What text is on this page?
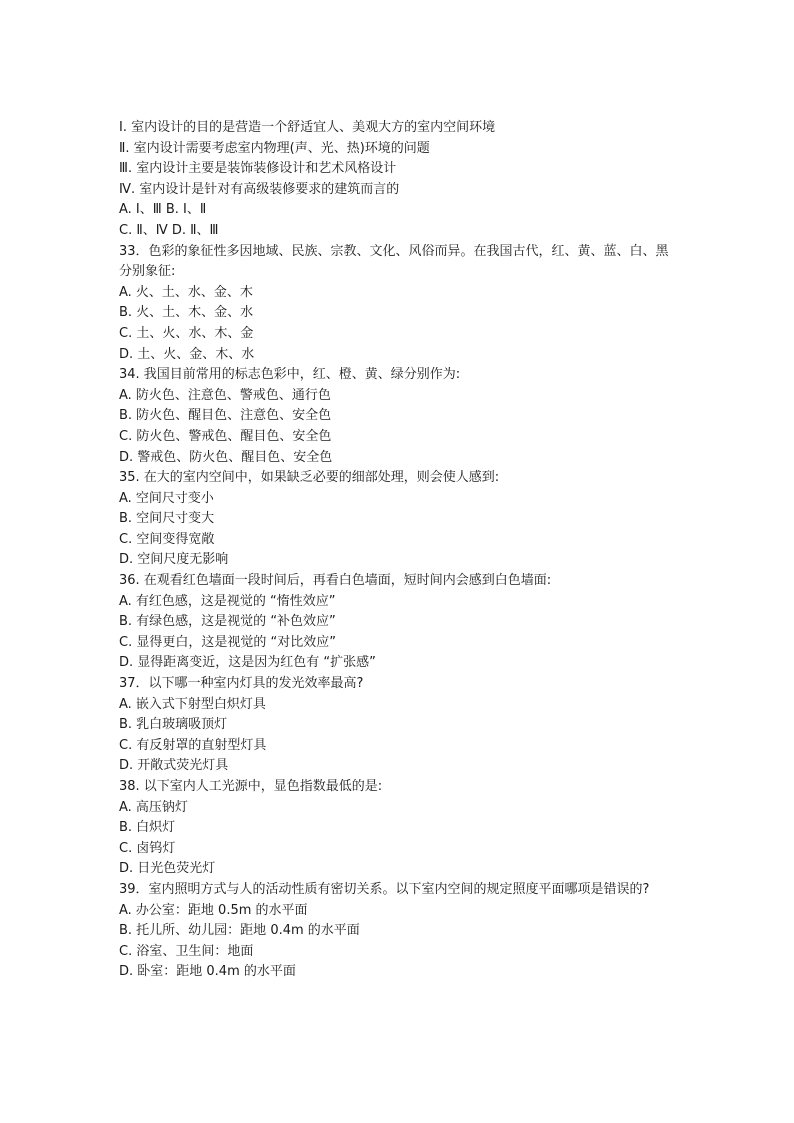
Ⅰ. 室内设计的目的是营造一个舒适宜人、美观大方的室内空间环境
Ⅱ. 室内设计需要考虑室内物理(声、光、热)环境的问题
Ⅲ. 室内设计主要是装饰装修设计和艺术风格设计
Ⅳ. 室内设计是针对有高级装修要求的建筑而言的
A. Ⅰ、Ⅲ B. Ⅰ、Ⅱ
C. Ⅱ、Ⅳ D. Ⅱ、Ⅲ
33．色彩的象征性多因地域、民族、宗教、文化、风俗而异。在我国古代，红、黄、蓝、白、黑分别象征:
A. 火、土、水、金、木
B. 火、土、木、金、水
C. 土、火、水、木、金
D. 土、火、金、木、水
34. 我国目前常用的标志色彩中，红、橙、黄、绿分别作为:
A. 防火色、注意色、警戒色、通行色
B. 防火色、醒目色、注意色、安全色
C. 防火色、警戒色、醒目色、安全色
D. 警戒色、防火色、醒目色、安全色
35. 在大的室内空间中，如果缺乏必要的细部处理，则会使人感到:
A. 空间尺寸变小
B. 空间尺寸变大
C. 空间变得宽敞
D. 空间尺度无影响
36. 在观看红色墙面一段时间后，再看白色墙面，短时间内会感到白色墙面:
A. 有红色感，这是视觉的 “惰性效应”
B. 有绿色感，这是视觉的 “补色效应”
C. 显得更白，这是视觉的 “对比效应”
D. 显得距离变近，这是因为红色有 “扩张感”
37．以下哪一种室内灯具的发光效率最高?
A. 嵌入式下射型白炽灯具
B. 乳白玻璃吸顶灯
C. 有反射罩的直射型灯具
D. 开敞式荧光灯具
38. 以下室内人工光源中，显色指数最低的是:
A. 高压钠灯
B. 白炽灯
C. 卤钨灯
D. 日光色荧光灯
39．室内照明方式与人的活动性质有密切关系。以下室内空间的规定照度平面哪项是错误的?
A. 办公室：距地 0.5m 的水平面
B. 托儿所、幼儿园：距地 0.4m 的水平面
C. 浴室、卫生间：地面
D. 卧室：距地 0.4m 的水平面
